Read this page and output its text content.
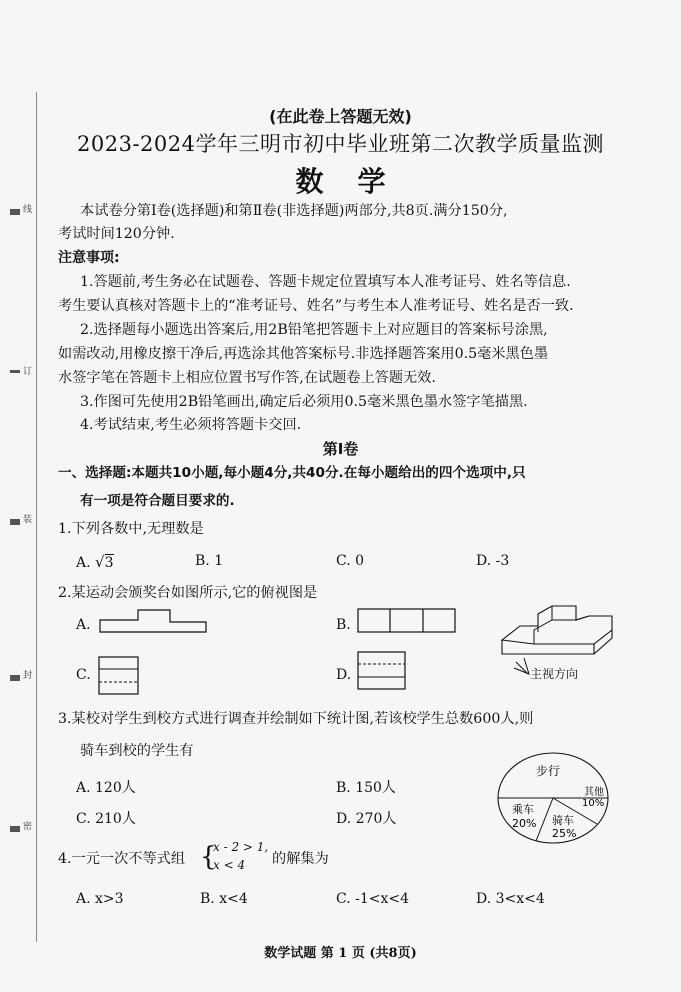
线
订
装
封
密
(在此卷上答题无效)
2023-2024学年三明市初中毕业班第二次教学质量监测
数学
本试卷分第Ⅰ卷(选择题)和第Ⅱ卷(非选择题)两部分,共8页.满分150分,
考试时间120分钟.
注意事项:
1.答题前,考生务必在试题卷、答题卡规定位置填写本人准考证号、姓名等信息.
考生要认真核对答题卡上的“准考证号、姓名”与考生本人准考证号、姓名是否一致.
2.选择题每小题选出答案后,用2B铅笔把答题卡上对应题目的答案标号涂黑,
如需改动,用橡皮擦干净后,再选涂其他答案标号.非选择题答案用0.5毫米黑色墨
水签字笔在答题卡上相应位置书写作答,在试题卷上答题无效.
3.作图可先使用2B铅笔画出,确定后必须用0.5毫米黑色墨水签字笔描黑.
4.考试结束,考生必须将答题卡交回.
第Ⅰ卷
一、选择题:本题共10小题,每小题4分,共40分.在每小题给出的四个选项中,只
有一项是符合题目要求的.
1.下列各数中,无理数是
A. √3	B. 1	C. 0	D. -3
2.某运动会颁奖台如图所示,它的俯视图是
A.	B.
主视方向
C.	D.
3.某校对学生到校方式进行调查并绘制如下统计图,若该校学生总数600人,则
骑车到校的学生有
A. 120人	B. 150人
C. 210人	D. 270人
步行
其他
10%
乘车
20% 骑车
25%
4.一元一次不等式组 {
x - 2 > 1,
x < 4	的解集为
A. x>3	B. x<4	C. -1<x<4	D. 3<x<4
数学试题 第 1 页 (共8页)
